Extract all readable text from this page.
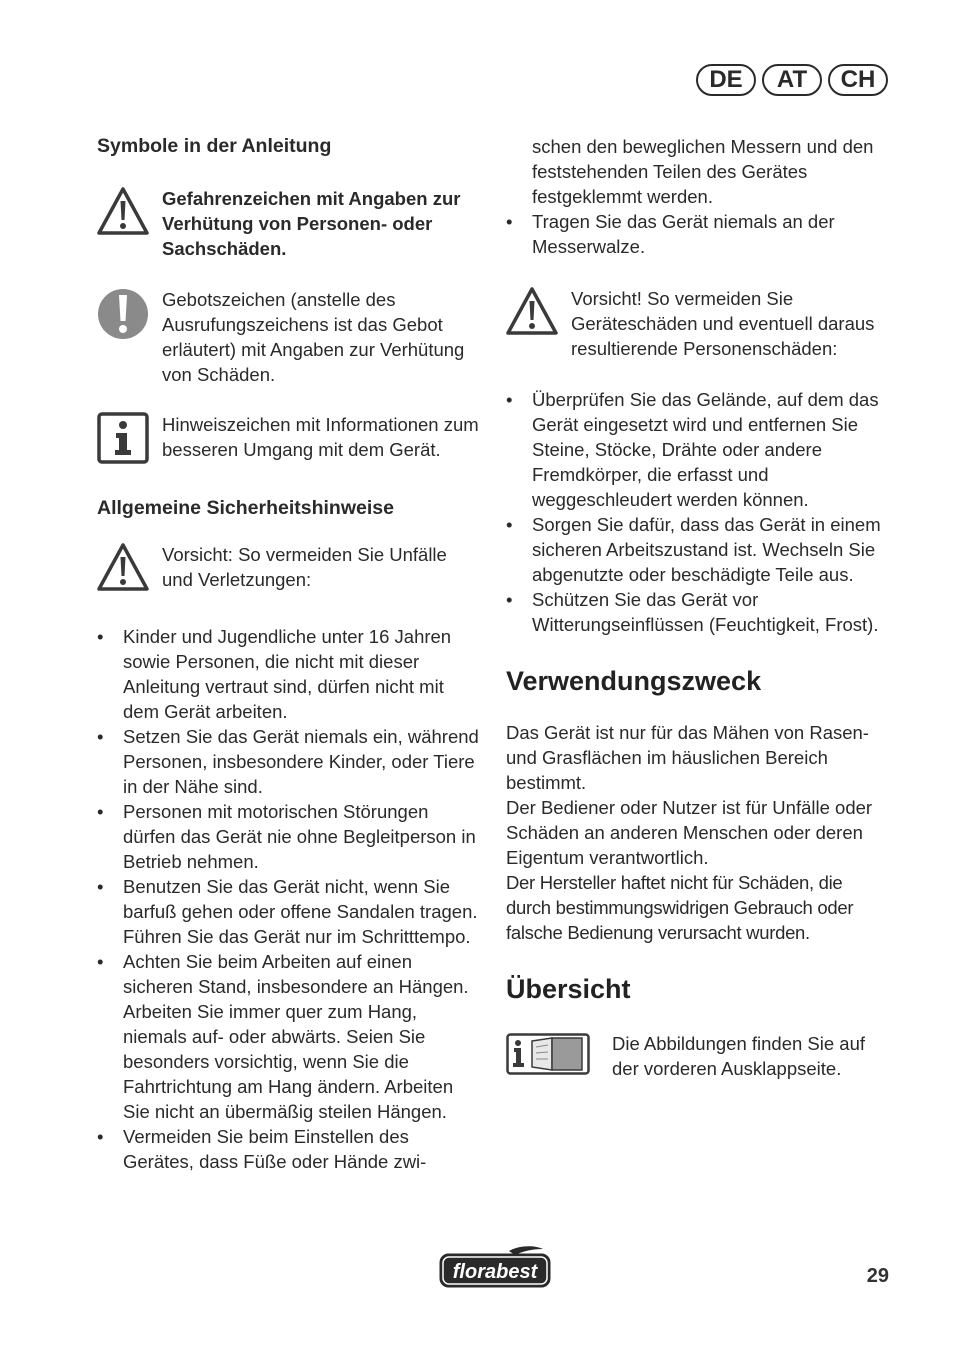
DE	AT	CH

Symbole in der Anleitung

Gefahrenzeichen mit Angaben zur Verhütung von Personen- oder Sachschäden.
Gebotszeichen (anstelle des Ausrufungszeichens ist das Gebot erläutert) mit Angaben zur Verhütung von Schäden.
Hinweiszeichen mit Informationen zum besseren Umgang mit dem Gerät.

Allgemeine Sicherheitshinweise

Vorsicht: So vermeiden Sie Unfälle und Verletzungen:
• Kinder und Jugendliche unter 16 Jahren sowie Personen, die nicht mit dieser Anleitung vertraut sind, dürfen nicht mit dem Gerät arbeiten.
• Setzen Sie das Gerät niemals ein, während Personen, insbesondere Kinder, oder Tiere in der Nähe sind.
• Personen mit motorischen Störungen dürfen das Gerät nie ohne Begleitperson in Betrieb nehmen.
• Benutzen Sie das Gerät nicht, wenn Sie barfuß gehen oder offene Sandalen tragen. Führen Sie das Gerät nur im Schritttempo.
• Achten Sie beim Arbeiten auf einen sicheren Stand, insbesondere an Hängen. Arbeiten Sie immer quer zum Hang, niemals auf- oder abwärts. Seien Sie besonders vorsichtig, wenn Sie die Fahrtrichtung am Hang ändern. Arbeiten Sie nicht an übermäßig steilen Hängen.
• Vermeiden Sie beim Einstellen des Gerätes, dass Füße oder Hände zwi-
schen den beweglichen Messern und den feststehenden Teilen des Gerätes festgeklemmt werden.
• Tragen Sie das Gerät niemals an der Messerwalze.
Vorsicht! So vermeiden Sie Geräteschäden und eventuell daraus resultierende Personenschäden:
• Überprüfen Sie das Gelände, auf dem das Gerät eingesetzt wird und entfernen Sie Steine, Stöcke, Drähte oder andere Fremdkörper, die erfasst und weggeschleudert werden können.
• Sorgen Sie dafür, dass das Gerät in einem sicheren Arbeitszustand ist. Wechseln Sie abgenutzte oder beschädigte Teile aus.
• Schützen Sie das Gerät vor Witterungseinflüssen (Feuchtigkeit, Frost).

Verwendungszweck

Das Gerät ist nur für das Mähen von Rasen- und Grasflächen im häuslichen Bereich bestimmt.

Der Bediener oder Nutzer ist für Unfälle oder Schäden an anderen Menschen oder deren Eigentum verantwortlich.

Der Hersteller haftet nicht für Schäden, die durch bestimmungswidrigen Gebrauch oder falsche Bedienung verursacht wurden.

Übersicht

Die Abbildungen finden Sie auf der vorderen Ausklappseite.
florabest	29
